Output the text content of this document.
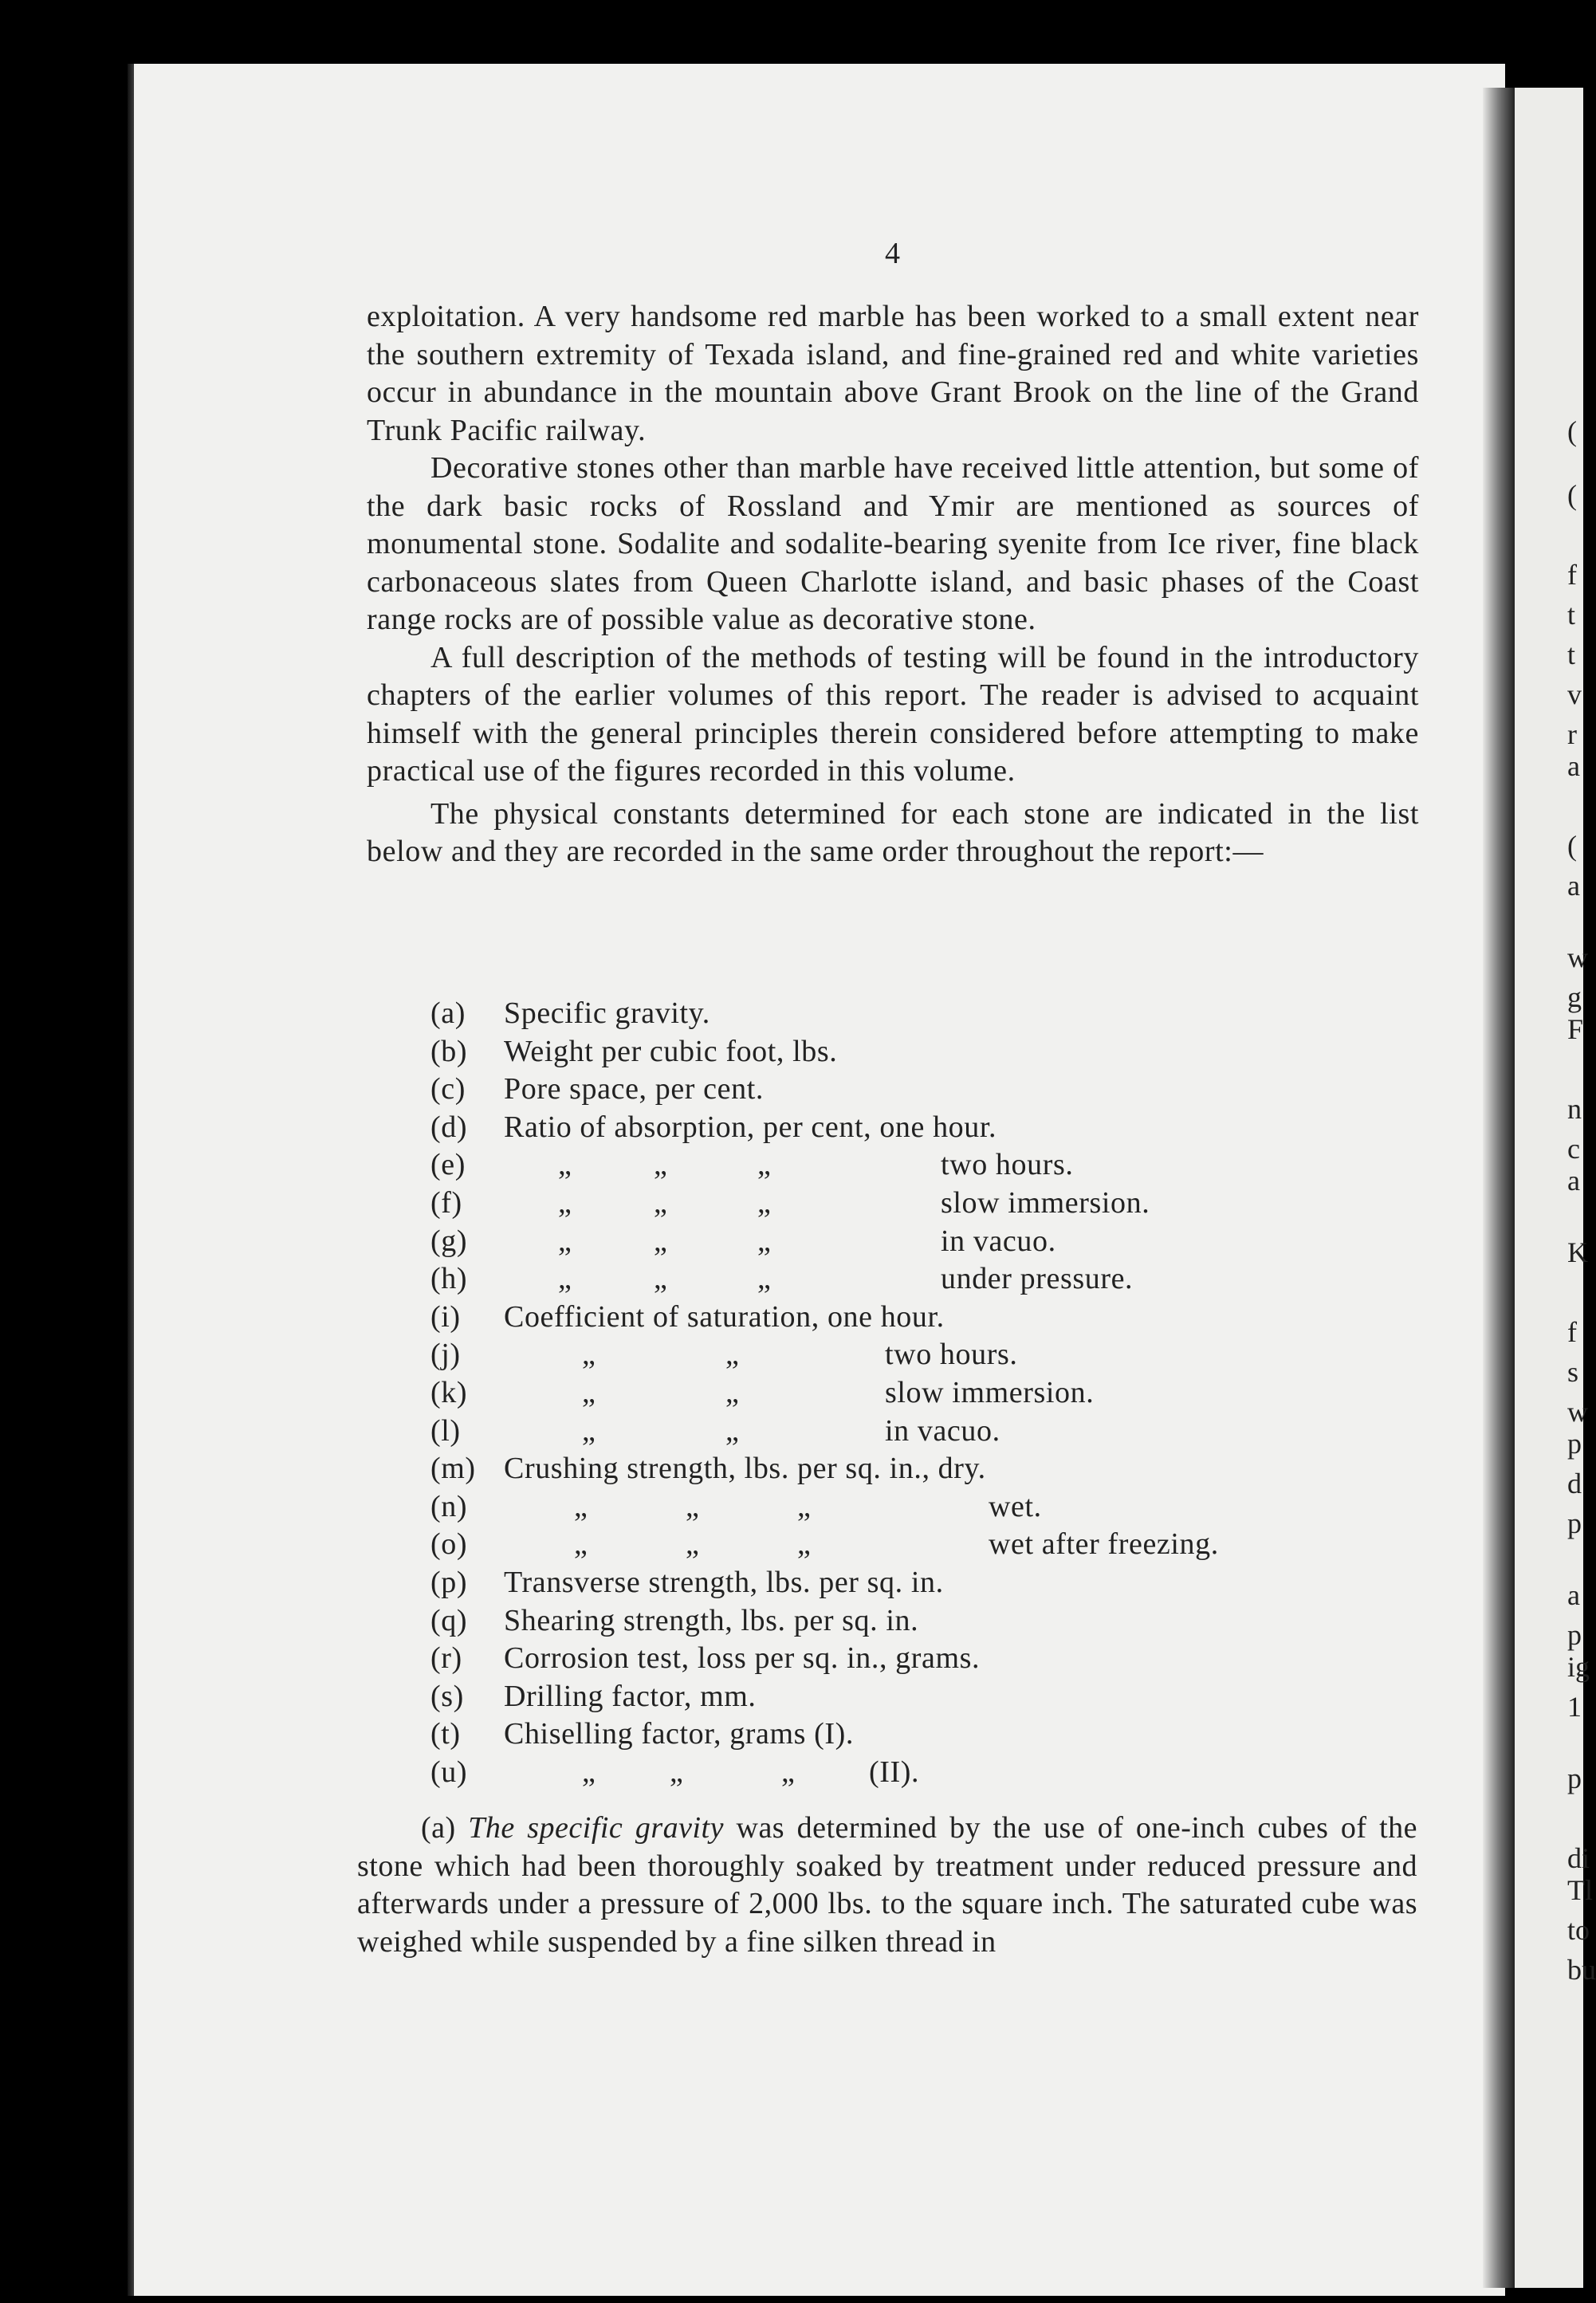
(
(
f
t
t
v
r
a
(
a
w
g
F
n
c
a
K
f
s
w
p
d
p
a
p
ig
1
p
di
Tl
to
bu
4

exploitation. A very handsome red marble has been worked to a small extent near the southern extremity of Texada island, and fine-grained red and white varieties occur in abundance in the mountain above Grant Brook on the line of the Grand Trunk Pacific railway.

Decorative stones other than marble have received little attention, but some of the dark basic rocks of Rossland and Ymir are mentioned as sources of monumental stone. Sodalite and sodalite-bearing syenite from Ice river, fine black carbonaceous slates from Queen Charlotte island, and basic phases of the Coast range rocks are of possible value as decorative stone.

A full description of the methods of testing will be found in the introductory chapters of the earlier volumes of this report. The reader is advised to acquaint himself with the general principles therein considered before attempting to make practical use of the figures recorded in this volume.

The physical constants determined for each stone are indicated in the list below and they are recorded in the same order throughout the report:—

(a)	Specific gravity.
(b)	Weight per cubic foot, lbs.
(c)	Pore space, per cent.
(d)	Ratio of absorption, per cent, one hour.
(e)	„	„	„	two hours.
(f)	„	„	„	slow immersion.
(g)	„	„	„	in vacuo.
(h)	„	„	„	under pressure.
(i)	Coefficient of saturation, one hour.
(j)	„	„	two hours.
(k)	„	„	slow immersion.
(l)	„	„	in vacuo.
(m) Crushing strength, lbs. per sq. in., dry.
(n)	„	„	„	wet.
(o)	„	„	„	wet after freezing.
(p)	Transverse strength, lbs. per sq. in.
(q)	Shearing strength, lbs. per sq. in.
(r)	Corrosion test, loss per sq. in., grams.
(s)	Drilling factor, mm.
(t)	Chiselling factor, grams (I).
(u)	„ „	„ (II).

(a) The specific gravity was determined by the use of one-inch cubes of the stone which had been thoroughly soaked by treatment under reduced pressure and afterwards under a pressure of 2,000 lbs. to the square inch. The saturated cube was weighed while suspended by a fine silken thread in
